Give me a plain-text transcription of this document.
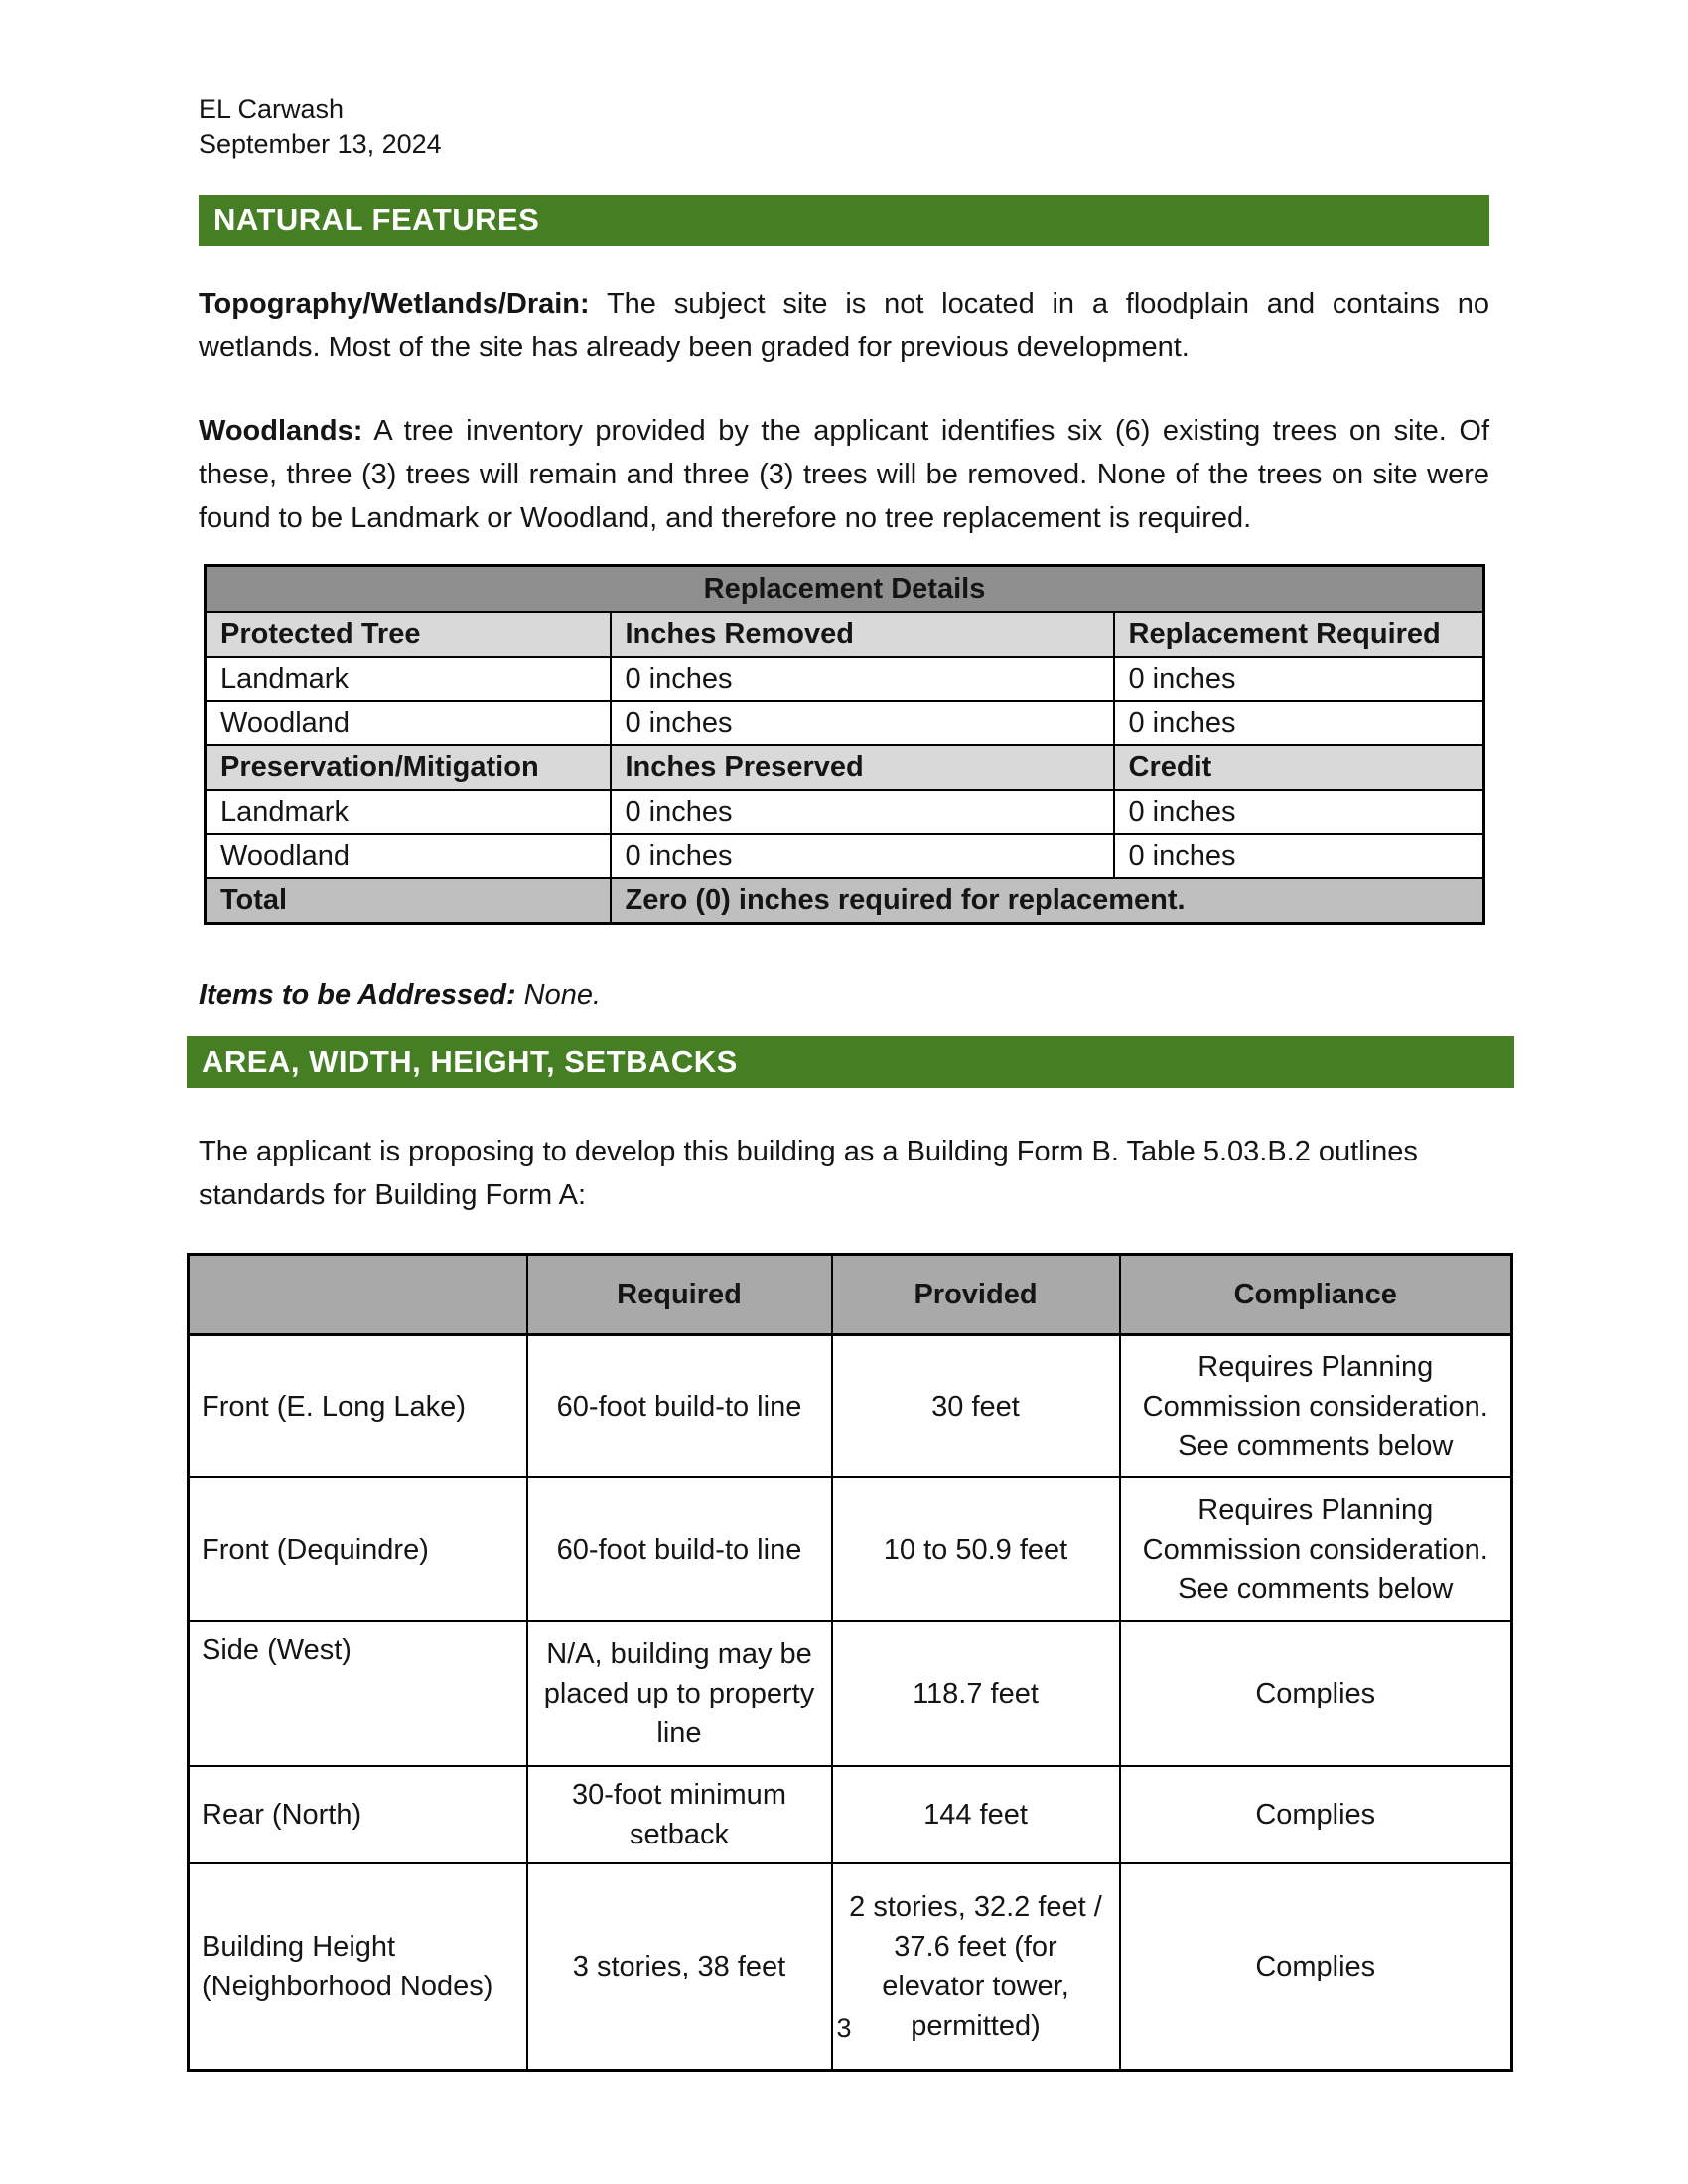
EL Carwash
September 13, 2024
NATURAL FEATURES
Topography/Wetlands/Drain: The subject site is not located in a floodplain and contains no wetlands. Most of the site has already been graded for previous development.
Woodlands: A tree inventory provided by the applicant identifies six (6) existing trees on site. Of these, three (3) trees will remain and three (3) trees will be removed. None of the trees on site were found to be Landmark or Woodland, and therefore no tree replacement is required.
Replacement Details		
Protected Tree	Inches Removed	Replacement Required
Landmark	0 inches	0 inches
Woodland	0 inches	0 inches
Preservation/Mitigation	Inches Preserved	Credit
Landmark	0 inches	0 inches
Woodland	0 inches	0 inches
Total	Zero (0) inches required for replacement.	
Items to be Addressed: None.
AREA, WIDTH, HEIGHT, SETBACKS
The applicant is proposing to develop this building as a Building Form B. Table 5.03.B.2 outlines standards for Building Form A:
	Required	Provided	Compliance
Front (E. Long Lake)	60-foot build-to line	30 feet	Requires Planning Commission consideration. See comments below
Front (Dequindre)	60-foot build-to line	10 to 50.9 feet	Requires Planning Commission consideration. See comments below
Side (West)	N/A, building may be placed up to property line	118.7 feet	Complies
Rear (North)	30-foot minimum setback	144 feet	Complies
Building Height (Neighborhood Nodes)	3 stories, 38 feet	2 stories, 32.2 feet / 37.6 feet (for elevator tower, permitted)	Complies
3
